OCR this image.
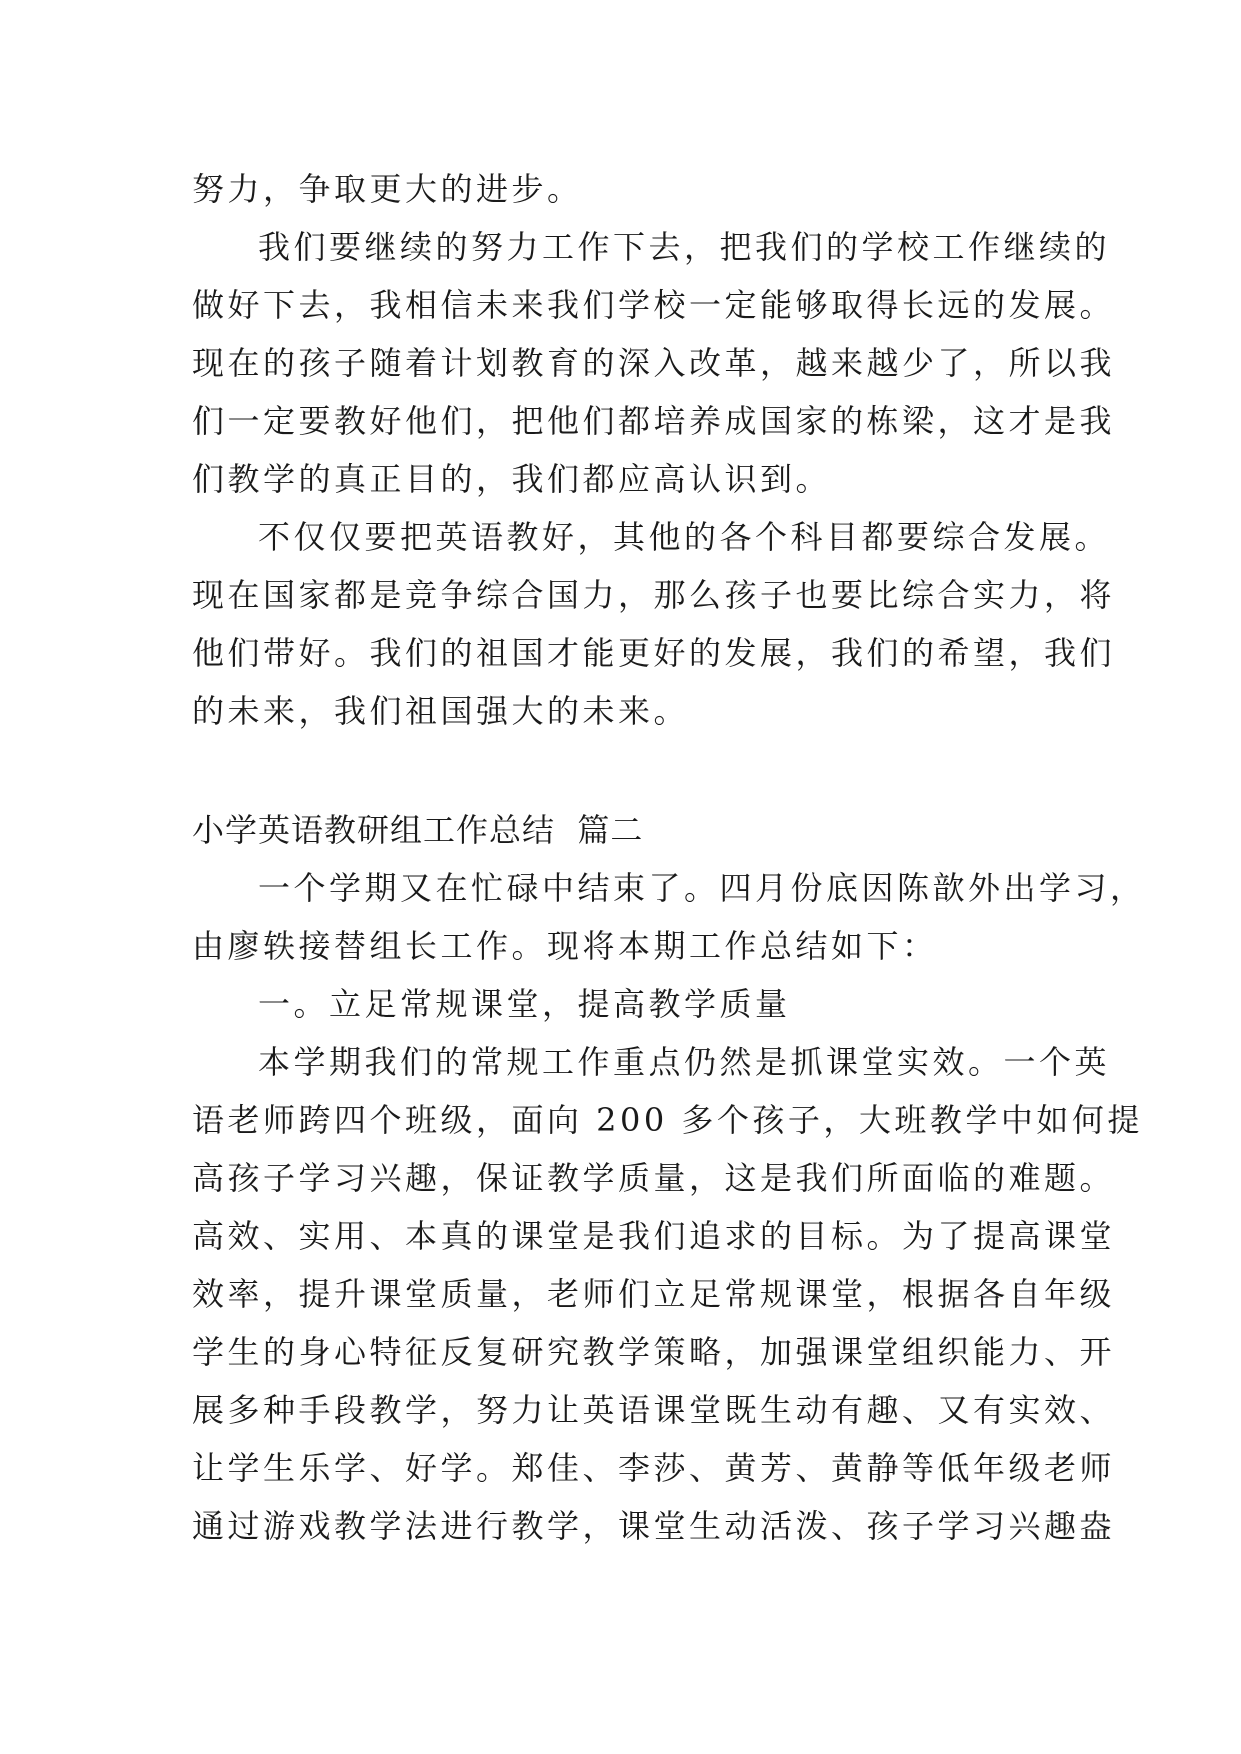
努力，争取更大的进步。
我们要继续的努力工作下去，把我们的学校工作继续的
做好下去，我相信未来我们学校一定能够取得长远的发展。
现在的孩子随着计划教育的深入改革，越来越少了，所以我
们一定要教好他们，把他们都培养成国家的栋梁，这才是我
们教学的真正目的，我们都应高认识到。
不仅仅要把英语教好，其他的各个科目都要综合发展。
现在国家都是竞争综合国力，那么孩子也要比综合实力，将
他们带好。我们的祖国才能更好的发展，我们的希望，我们
的未来，我们祖国强大的未来。
小学英语教研组工作总结  篇二
一个学期又在忙碌中结束了。四月份底因陈歆外出学习，
由廖轶接替组长工作。现将本期工作总结如下：
一。立足常规课堂，提高教学质量
本学期我们的常规工作重点仍然是抓课堂实效。一个英
语老师跨四个班级，面向 200 多个孩子，大班教学中如何提
高孩子学习兴趣，保证教学质量，这是我们所面临的难题。
高效、实用、本真的课堂是我们追求的目标。为了提高课堂
效率，提升课堂质量，老师们立足常规课堂，根据各自年级
学生的身心特征反复研究教学策略，加强课堂组织能力、开
展多种手段教学，努力让英语课堂既生动有趣、又有实效、
让学生乐学、好学。郑佳、李莎、黄芳、黄静等低年级老师
通过游戏教学法进行教学，课堂生动活泼、孩子学习兴趣盎
